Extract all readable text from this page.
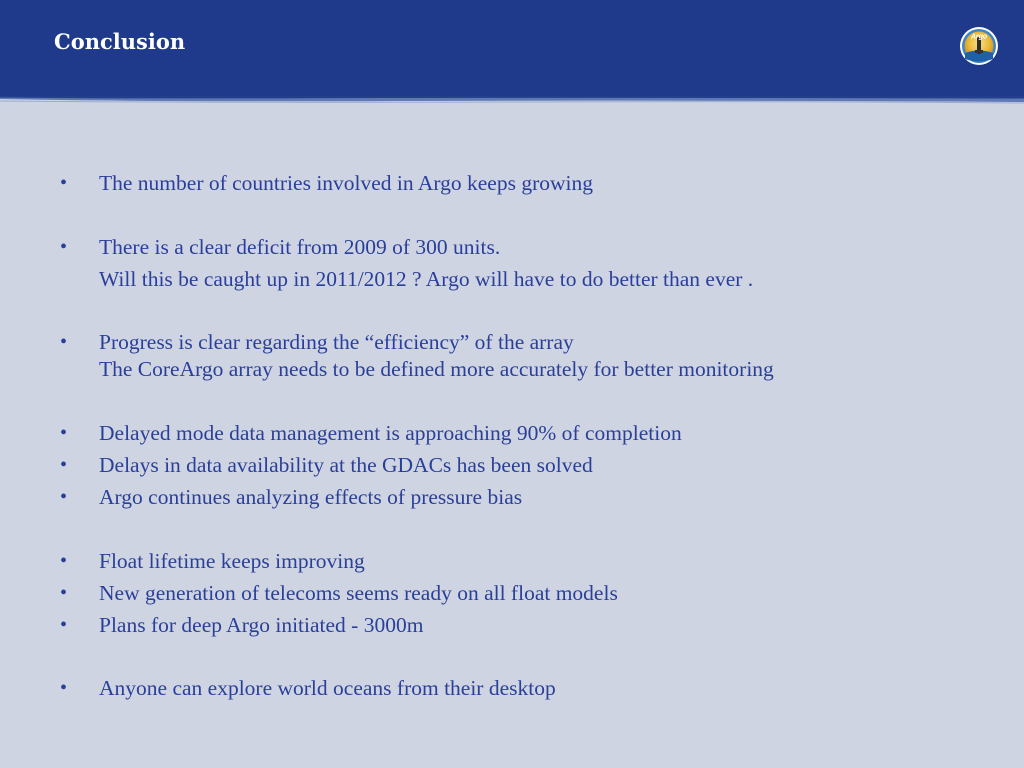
Conclusion	Argo
• The number of countries involved in Argo keeps growing
• There is a clear deficit from 2009 of 300 units.
Will this be caught up in 2011/2012 ? Argo will have to do better than ever .
• Progress is clear regarding the “efficiency” of the array
The CoreArgo array needs to be defined more accurately for better monitoring
• Delayed mode data management is approaching 90% of completion
• Delays in data availability at the GDACs has been solved
• Argo continues analyzing effects of pressure bias
• Float lifetime keeps improving
• New generation of telecoms seems ready on all float models
• Plans for deep Argo initiated - 3000m
• Anyone can explore world oceans from their desktop
